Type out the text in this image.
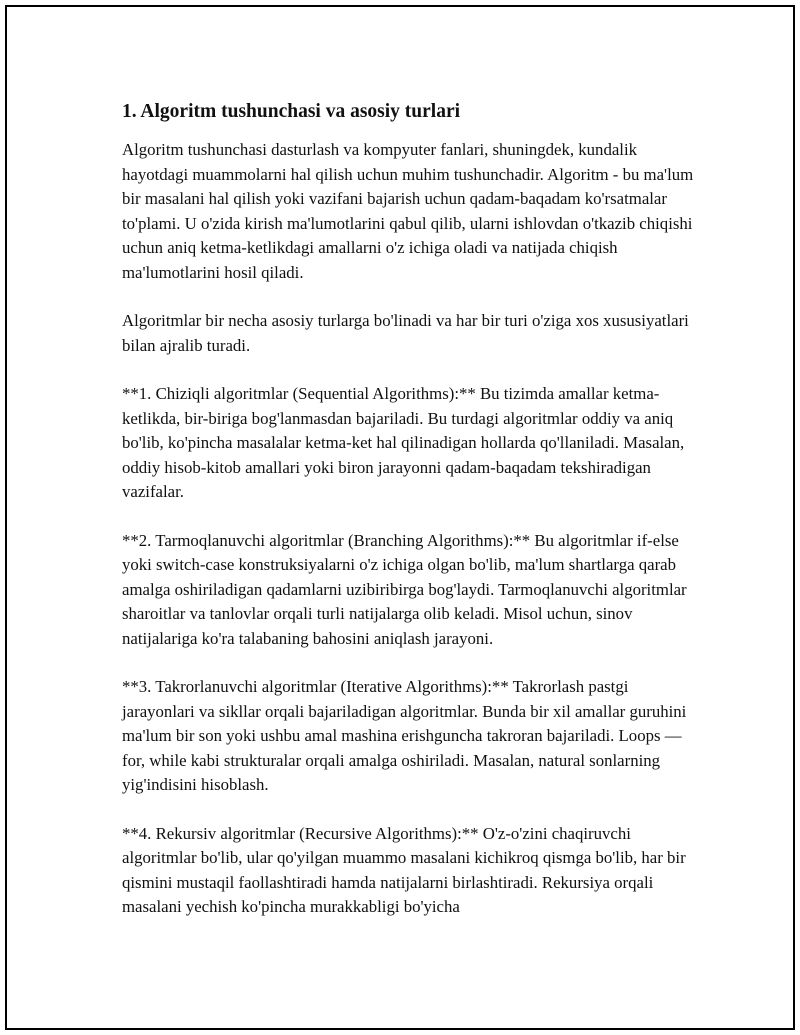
1. Algoritm tushunchasi va asosiy turlari

Algoritm tushunchasi dasturlash va kompyuter fanlari, shuningdek, kundalik hayotdagi muammolarni hal qilish uchun muhim tushunchadir. Algoritm - bu ma'lum bir masalani hal qilish yoki vazifani bajarish uchun qadam-baqadam ko'rsatmalar to'plami. U o'zida kirish ma'lumotlarini qabul qilib, ularni ishlovdan o'tkazib chiqishi uchun aniq ketma-ketlikdagi amallarni o'z ichiga oladi va natijada chiqish ma'lumotlarini hosil qiladi.

Algoritmlar bir necha asosiy turlarga bo'linadi va har bir turi o'ziga xos xususiyatlari bilan ajralib turadi.

**1. Chiziqli algoritmlar (Sequential Algorithms):** Bu tizimda amallar ketma-ketlikda, bir-biriga bog'lanmasdan bajariladi. Bu turdagi algoritmlar oddiy va aniq bo'lib, ko'pincha masalalar ketma-ket hal qilinadigan hollarda qo'llaniladi. Masalan, oddiy hisob-kitob amallari yoki biron jarayonni qadam-baqadam tekshiradigan vazifalar.

**2. Tarmoqlanuvchi algoritmlar (Branching Algorithms):** Bu algoritmlar if-else yoki switch-case konstruksiyalarni o'z ichiga olgan bo'lib, ma'lum shartlarga qarab amalga oshiriladigan qadamlarni uzibiribirga bog'laydi. Tarmoqlanuvchi algoritmlar sharoitlar va tanlovlar orqali turli natijalarga olib keladi. Misol uchun, sinov natijalariga ko'ra talabaning bahosini aniqlash jarayoni.

**3. Takrorlanuvchi algoritmlar (Iterative Algorithms):** Takrorlash pastgi jarayonlari va sikllar orqali bajariladigan algoritmlar. Bunda bir xil amallar guruhini ma'lum bir son yoki ushbu amal mashina erishguncha takroran bajariladi. Loops — for, while kabi strukturalar orqali amalga oshiriladi. Masalan, natural sonlarning yig'indisini hisoblash.

**4. Rekursiv algoritmlar (Recursive Algorithms):** O'z-o'zini chaqiruvchi algoritmlar bo'lib, ular qo'yilgan muammo masalani kichikroq qismga bo'lib, har bir qismini mustaqil faollashtiradi hamda natijalarni birlashtiradi. Rekursiya orqali masalani yechish ko'pincha murakkabligi bo'yicha
